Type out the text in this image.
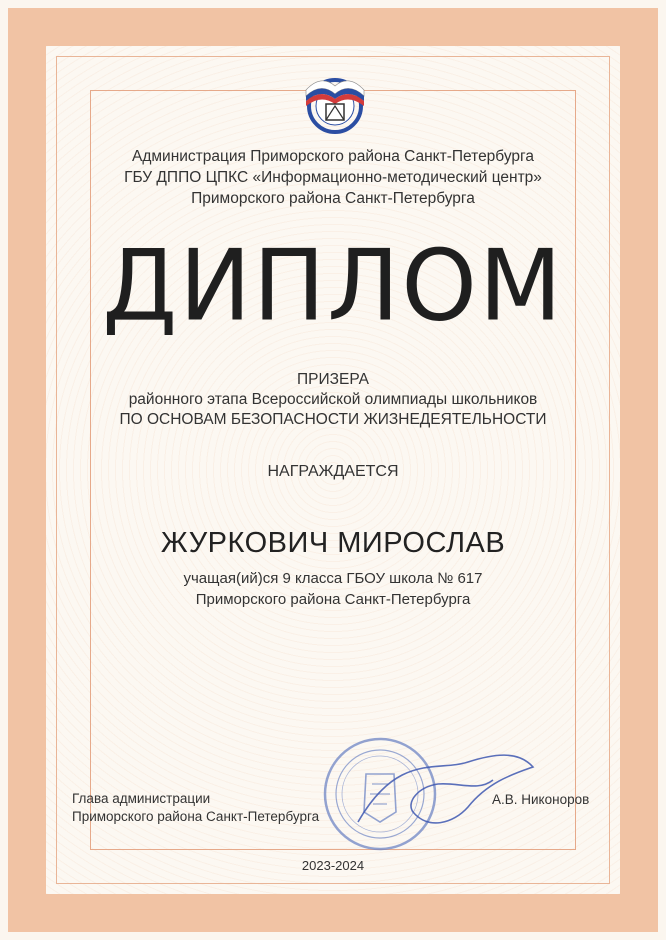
Администрация Приморского района Санкт-Петербурга
ГБУ ДППО ЦПКС «Информационно-методический центр»
Приморского района Санкт-Петербурга
ДИПЛОМ
ПРИЗЕРА
районного этапа Всероссийской олимпиады школьников
ПО ОСНОВАМ БЕЗОПАСНОСТИ ЖИЗНЕДЕЯТЕЛЬНОСТИ
НАГРАЖДАЕТСЯ
ЖУРКОВИЧ МИРОСЛАВ
учащая(ий)ся 9 класса ГБОУ школа № 617
Приморского района Санкт-Петербурга
Глава администрации
Приморского района Санкт-Петербурга
А.В. Никоноров
2023-2024
